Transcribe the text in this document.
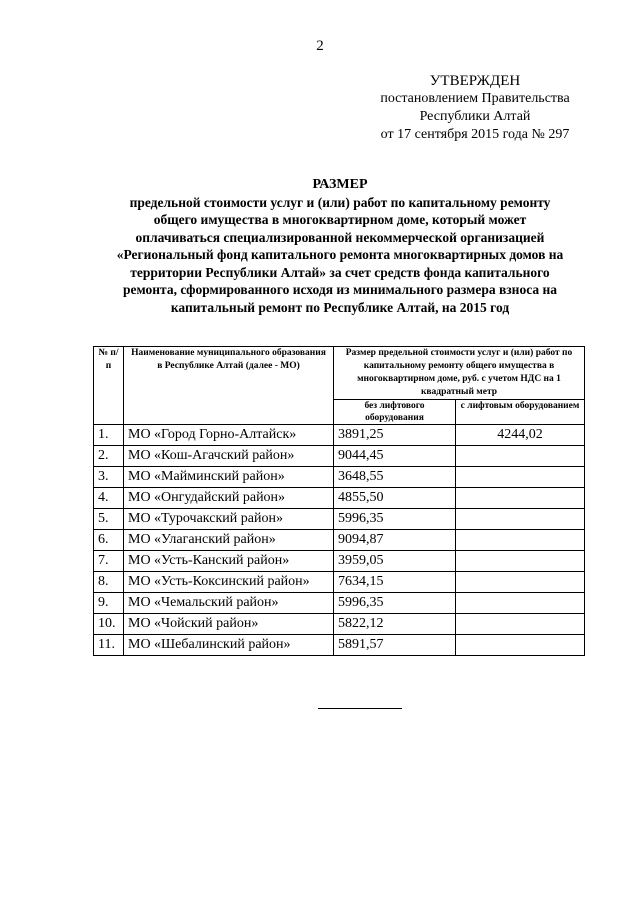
2
УТВЕРЖДЕН
постановлением Правительства
Республики Алтай
от 17 сентября 2015 года № 297
РАЗМЕР
предельной стоимости услуг и (или) работ по капитальному ремонту
общего имущества в многоквартирном доме, который может
оплачиваться специализированной некоммерческой организацией
«Региональный фонд капитального ремонта многоквартирных домов на
территории Республики Алтай» за счет средств фонда капитального
ремонта, сформированного исходя из минимального размера взноса на
капитальный ремонт по Республике Алтай, на 2015 год
№ п/п	Наименование муниципального образования в Республике Алтай (далее - МО)	Размер предельной стоимости услуг и (или) работ по капитальному ремонту общего имущества в многоквартирном доме, руб. с учетом НДС на 1 квадратный метр	
		без лифтового оборудования	с лифтовым оборудованием
1.	МО «Город Горно-Алтайск»	3891,25	4244,02
2.	МО «Кош-Агачский район»	9044,45	
3.	МО «Майминский район»	3648,55	
4.	МО «Онгудайский район»	4855,50	
5.	МО «Турочакский район»	5996,35	
6.	МО «Улаганский район»	9094,87	
7.	МО «Усть-Канский район»	3959,05	
8.	МО «Усть-Коксинский район»	7634,15	
9.	МО «Чемальский район»	5996,35	
10.	МО «Чойский район»	5822,12	
11.	МО «Шебалинский район»	5891,57	
